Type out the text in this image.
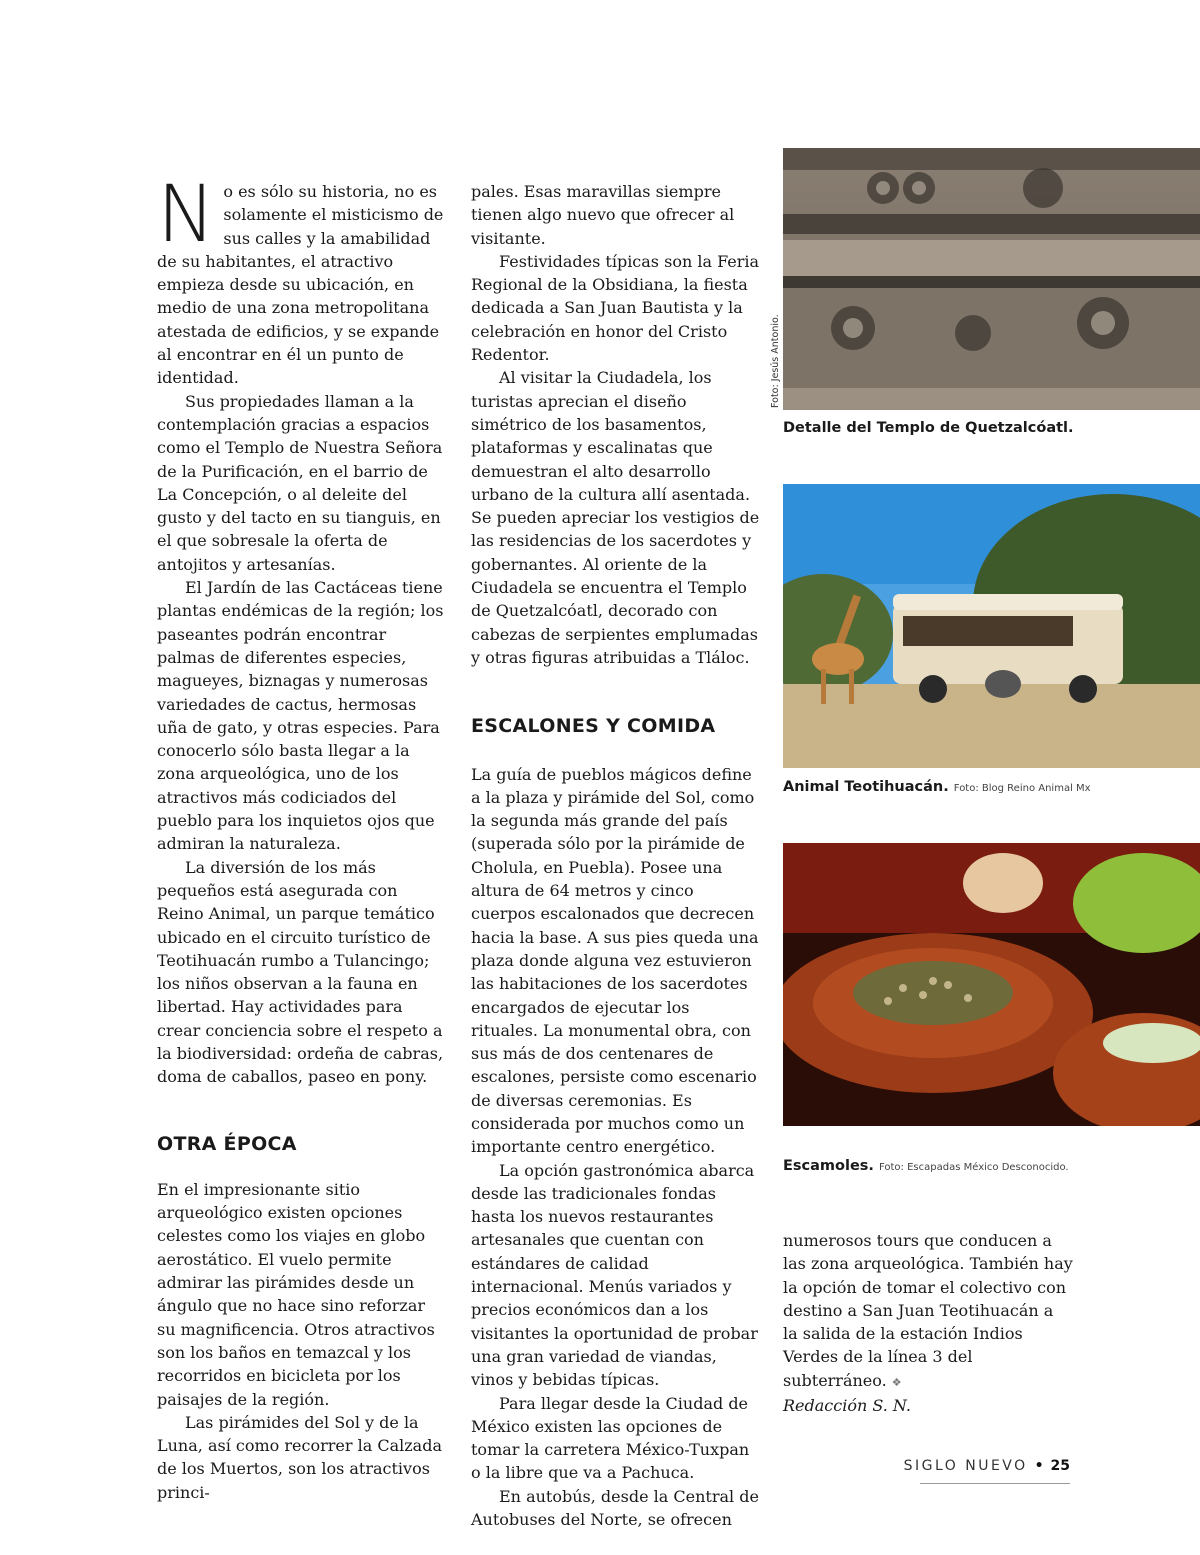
No es sólo su historia, no es solamente el misticismo de sus calles y la amabilidad de su habitantes, el atractivo empieza desde su ubicación, en medio de una zona metropolitana atestada de edificios, y se expande al encontrar en él un punto de identidad.

Sus propiedades llaman a la contemplación gracias a espacios como el Templo de Nuestra Señora de la Purificación, en el barrio de La Concepción, o al deleite del gusto y del tacto en su tianguis, en el que sobresale la oferta de antojitos y artesanías.

El Jardín de las Cactáceas tiene plantas endémicas de la región; los paseantes podrán encontrar palmas de diferentes especies, magueyes, biznagas y numerosas variedades de cactus, hermosas uña de gato, y otras especies. Para conocerlo sólo basta llegar a la zona arqueológica, uno de los atractivos más codiciados del pueblo para los inquietos ojos que admiran la naturaleza.

La diversión de los más pequeños está asegurada con Reino Animal, un parque temático ubicado en el circuito turístico de Teotihuacán rumbo a Tulancingo; los niños observan a la fauna en libertad. Hay actividades para crear conciencia sobre el respeto a la biodiversidad: ordeña de cabras, doma de caballos, paseo en pony.

OTRA ÉPOCA

En el impresionante sitio arqueológico existen opciones celestes como los viajes en globo aerostático. El vuelo permite admirar las pirámides desde un ángulo que no hace sino reforzar su magnificencia. Otros atractivos son los baños en temazcal y los recorridos en bicicleta por los paisajes de la región.

Las pirámides del Sol y de la Luna, así como recorrer la Calzada de los Muertos, son los atractivos princi-

pales. Esas maravillas siempre tienen algo nuevo que ofrecer al visitante.

Festividades típicas son la Feria Regional de la Obsidiana, la fiesta dedicada a San Juan Bautista y la celebración en honor del Cristo Redentor.

Al visitar la Ciudadela, los turistas aprecian el diseño simétrico de los basamentos, plataformas y escalinatas que demuestran el alto desarrollo urbano de la cultura allí asentada. Se pueden apreciar los vestigios de las residencias de los sacerdotes y gobernantes. Al oriente de la Ciudadela se encuentra el Templo de Quetzalcóatl, decorado con cabezas de serpientes emplumadas y otras figuras atribuidas a Tláloc.

ESCALONES Y COMIDA

La guía de pueblos mágicos define a la plaza y pirámide del Sol, como la segunda más grande del país (superada sólo por la pirámide de Cholula, en Puebla). Posee una altura de 64 metros y cinco cuerpos escalonados que decrecen hacia la base. A sus pies queda una plaza donde alguna vez estuvieron las habitaciones de los sacerdotes encargados de ejecutar los rituales. La monumental obra, con sus más de dos centenares de escalones, persiste como escenario de diversas ceremonias. Es considerada por muchos como un importante centro energético.

La opción gastronómica abarca desde las tradicionales fondas hasta los nuevos restaurantes artesanales que cuentan con estándares de calidad internacional. Menús variados y precios económicos dan a los visitantes la oportunidad de probar una gran variedad de viandas, vinos y bebidas típicas.

Para llegar desde la Ciudad de México existen las opciones de tomar la carretera México-Tuxpan o la libre que va a Pachuca.

En autobús, desde la Central de Autobuses del Norte, se ofrecen

numerosos tours que conducen a las zona arqueológica. También hay la opción de tomar el colectivo con destino a San Juan Teotihuacán a la salida de la estación Indios Verdes de la línea 3 del subterráneo. ❖

Redacción S. N.

Foto: Jesús Antonio.
Detalle del Templo de Quetzalcóatl.
Animal Teotihuacán. Foto: Blog Reino Animal Mx
Escamoles. Foto: Escapadas México Desconocido.
SIGLO NUEVO • 25
